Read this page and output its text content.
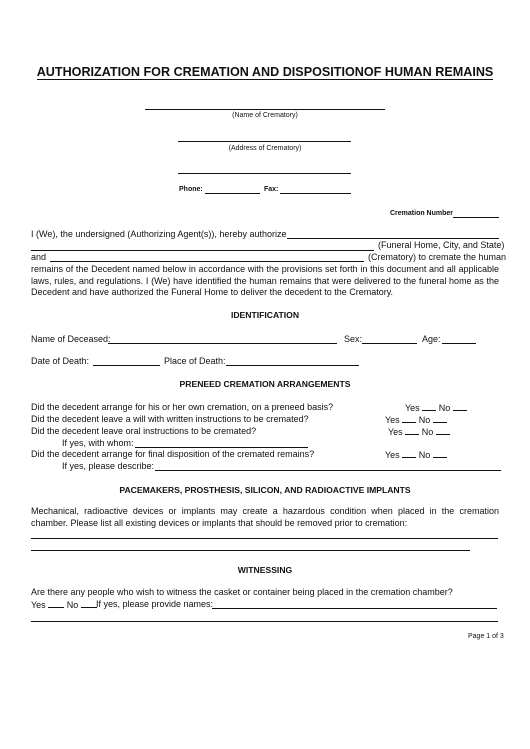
AUTHORIZATION FOR CREMATION AND DISPOSITIONOF HUMAN REMAINS
(Name of Crematory)
(Address of Crematory)
Phone:	Fax:
Cremation Number
I (We), the undersigned (Authorizing Agent(s)), hereby authorize
(Funeral Home, City, and State)
and	(Crematory) to cremate the human
remains of the Decedent named below in accordance with the provisions set forth in this document and all applicable laws, rules, and regulations. I (We) have identified the human remains that were delivered to the funeral home as the Decedent and have authorized the Funeral Home to deliver the decedent to the Crematory.
IDENTIFICATION
Name of Deceased:	Sex:	Age:
Date of Death:	Place of Death:
PRENEED CREMATION ARRANGEMENTS
Did the decedent arrange for his or her own cremation, on a preneed basis?	Yes No
Did the decedent leave a will with written instructions to be cremated?	Yes No
Did the decedent leave oral instructions to be cremated?	Yes No
If yes, with whom:
Did the decedent arrange for final disposition of the cremated remains?	Yes No
If yes, please describe:
PACEMAKERS, PROSTHESIS, SILICON, AND RADIOACTIVE IMPLANTS
Mechanical, radioactive devices or implants may create a hazardous condition when placed in the cremation chamber. Please list all existing devices or implants that should be removed prior to cremation:
WITNESSING
Are there any people who wish to witness the casket or container being placed in the cremation chamber?
Yes No	If yes, please provide names:
Page 1 of 3
